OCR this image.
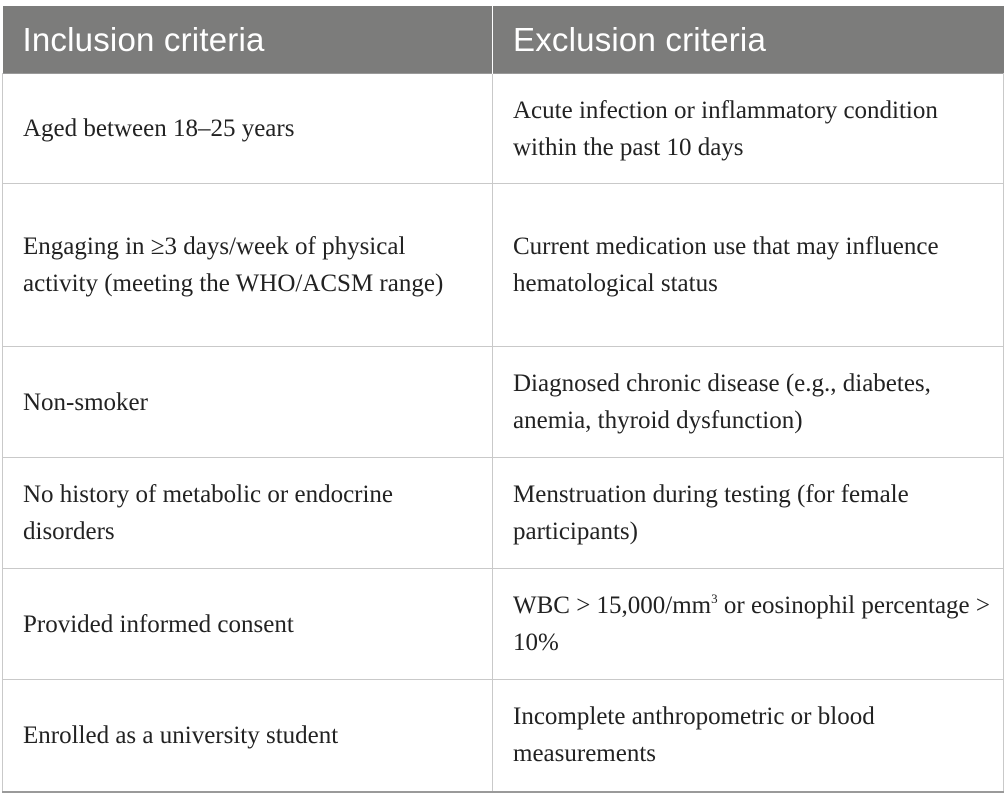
Inclusion criteria	Exclusion criteria
Aged between 18–25 years	Acute infection or inflammatory condition within the past 10 days
Engaging in ≥3 days/week of physical activity (meeting the WHO/ACSM range)	Current medication use that may influence hematological status
Non-smoker	Diagnosed chronic disease (e.g., diabetes, anemia, thyroid dysfunction)
No history of metabolic or endocrine disorders	Menstruation during testing (for female participants)
Provided informed consent	WBC > $15,000/mm^3$ or eosinophil percentage > 10%
Enrolled as a university student	Incomplete anthropometric or blood measurements
